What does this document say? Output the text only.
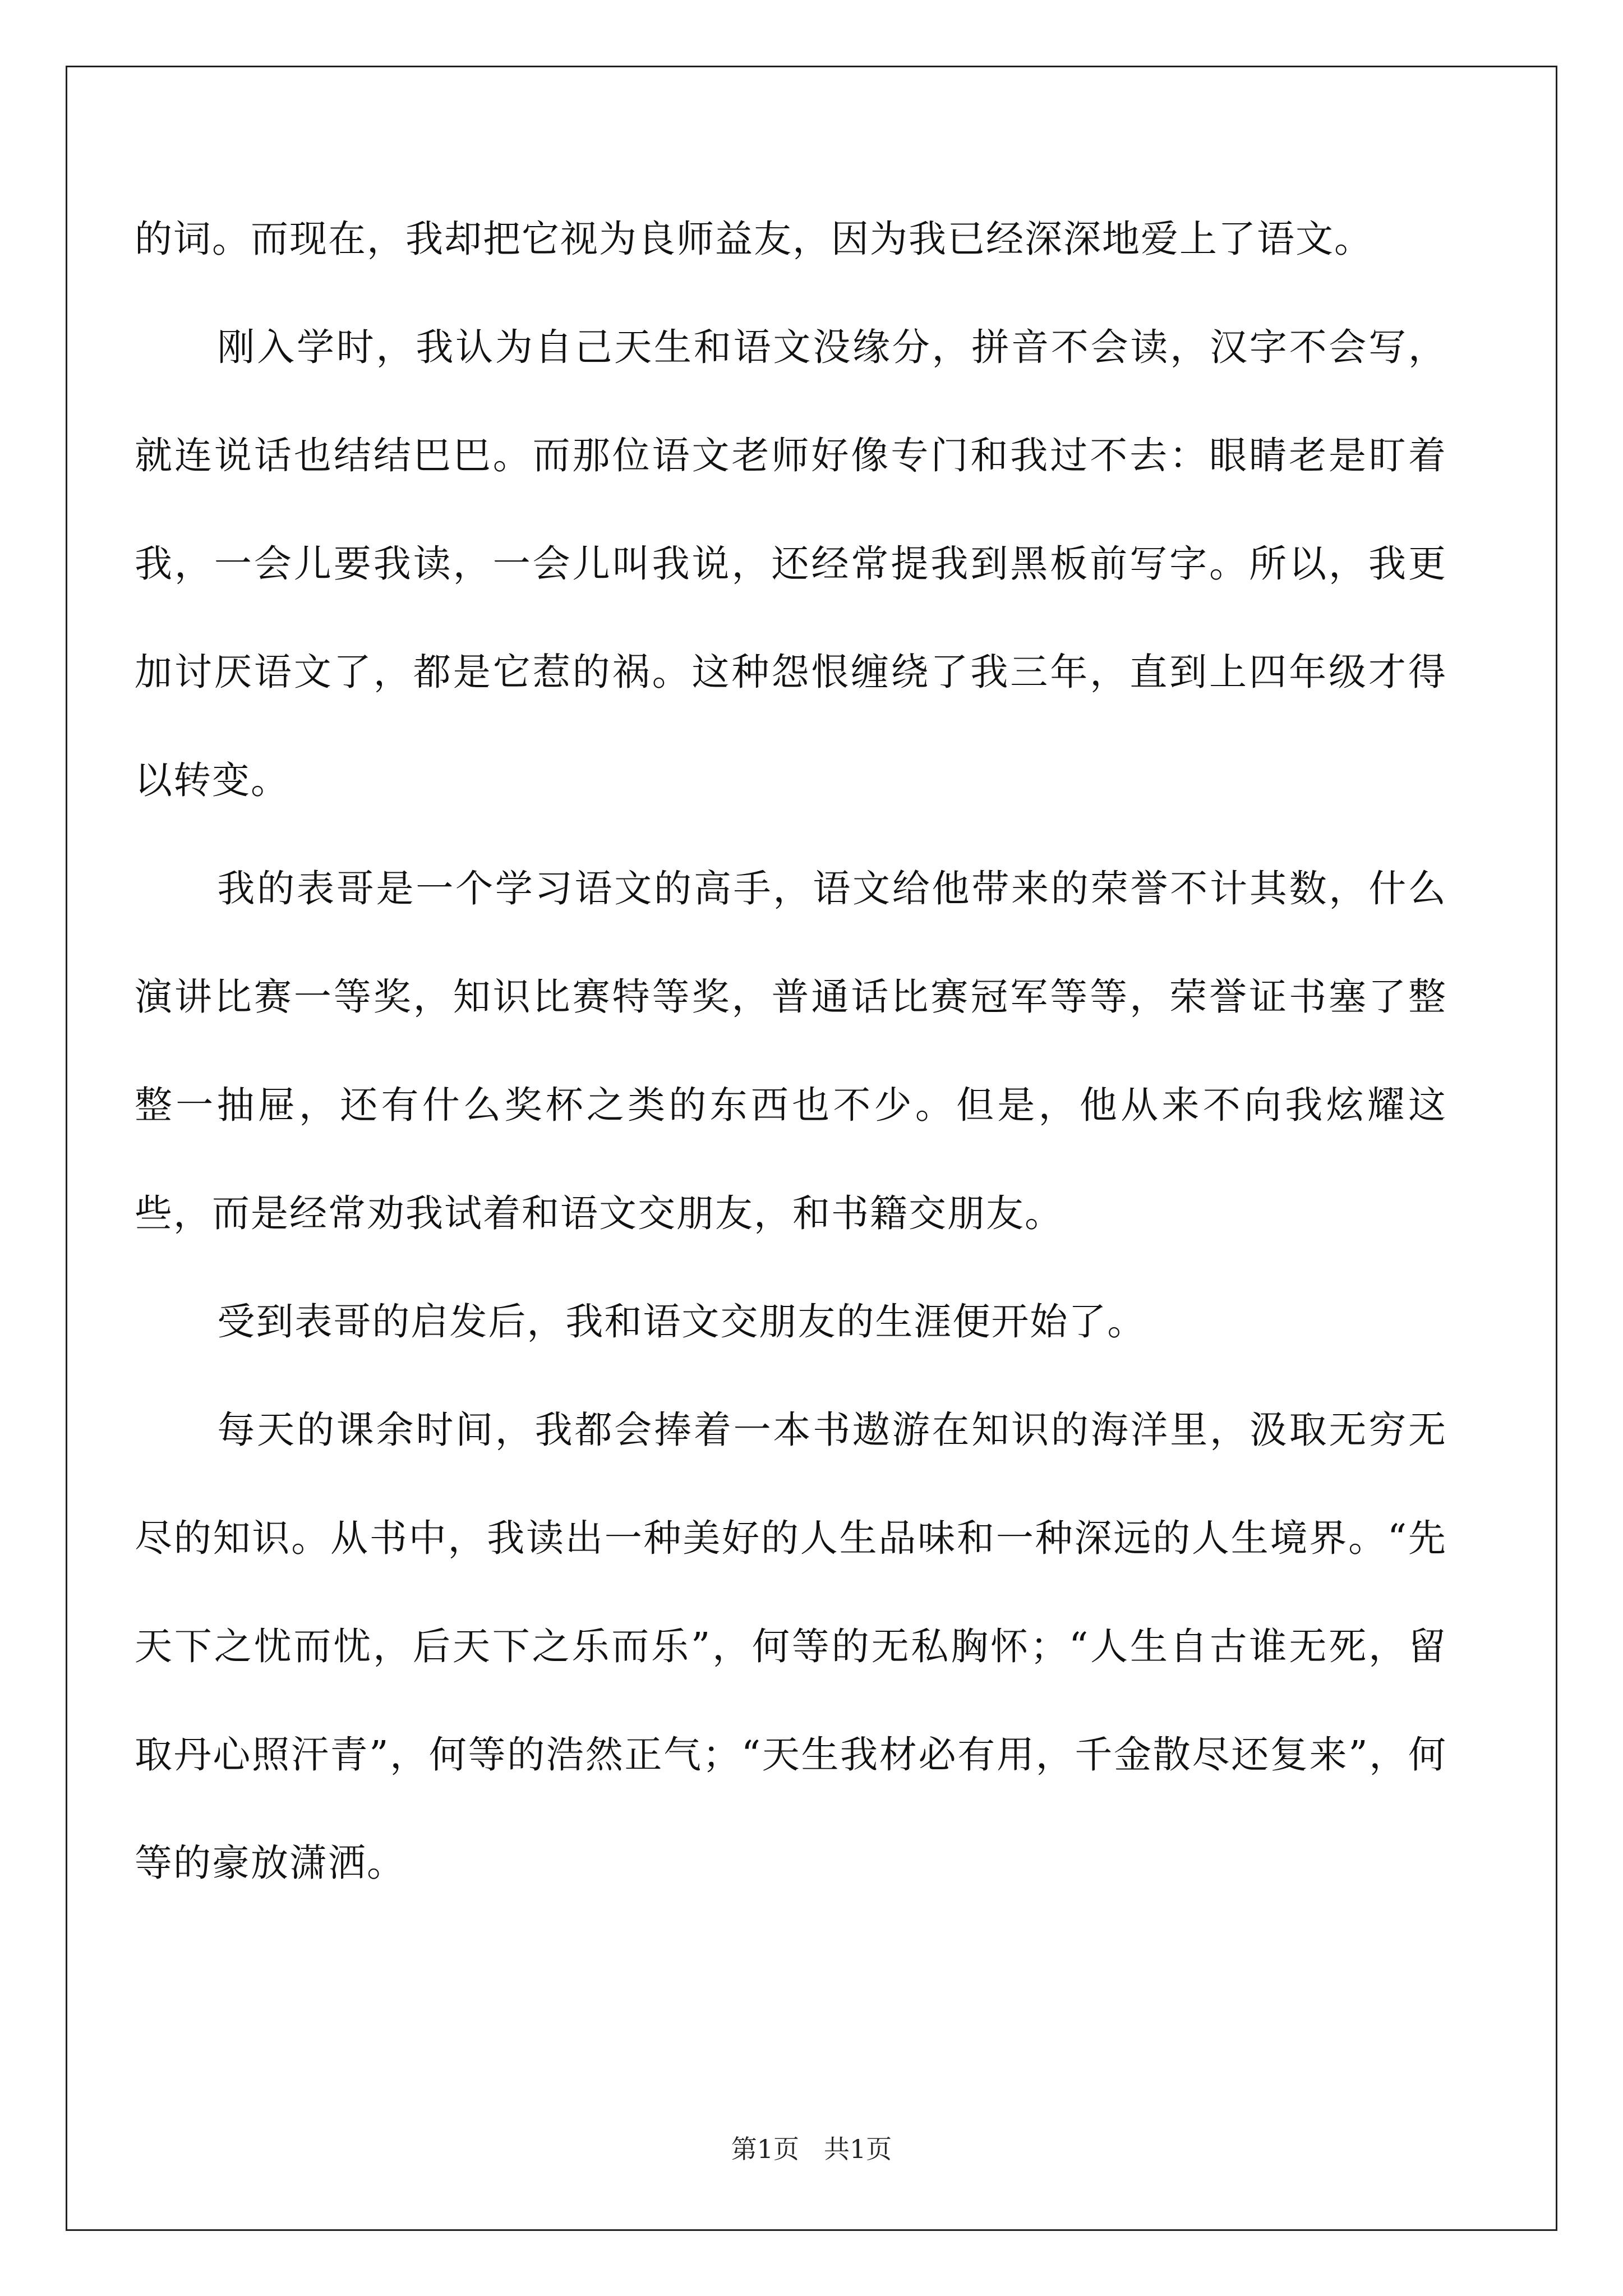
的词。而现在，我却把它视为良师益友，因为我已经深深地爱上了语文。

刚入学时，我认为自己天生和语文没缘分，拼音不会读，汉字不会写，就连说话也结结巴巴。而那位语文老师好像专门和我过不去：眼睛老是盯着我，一会儿要我读，一会儿叫我说，还经常提我到黑板前写字。所以，我更加讨厌语文了，都是它惹的祸。这种怨恨缠绕了我三年，直到上四年级才得以转变。

我的表哥是一个学习语文的高手，语文给他带来的荣誉不计其数，什么演讲比赛一等奖，知识比赛特等奖，普通话比赛冠军等等，荣誉证书塞了整整一抽屉，还有什么奖杯之类的东西也不少。但是，他从来不向我炫耀这些，而是经常劝我试着和语文交朋友，和书籍交朋友。

受到表哥的启发后，我和语文交朋友的生涯便开始了。

每天的课余时间，我都会捧着一本书遨游在知识的海洋里，汲取无穷无尽的知识。从书中，我读出一种美好的人生品味和一种深远的人生境界。“先天下之忧而忧，后天下之乐而乐”，何等的无私胸怀；“人生自古谁无死，留取丹心照汗青”，何等的浩然正气；“天生我材必有用，千金散尽还复来”，何等的豪放潇洒。

第1页 共1页
